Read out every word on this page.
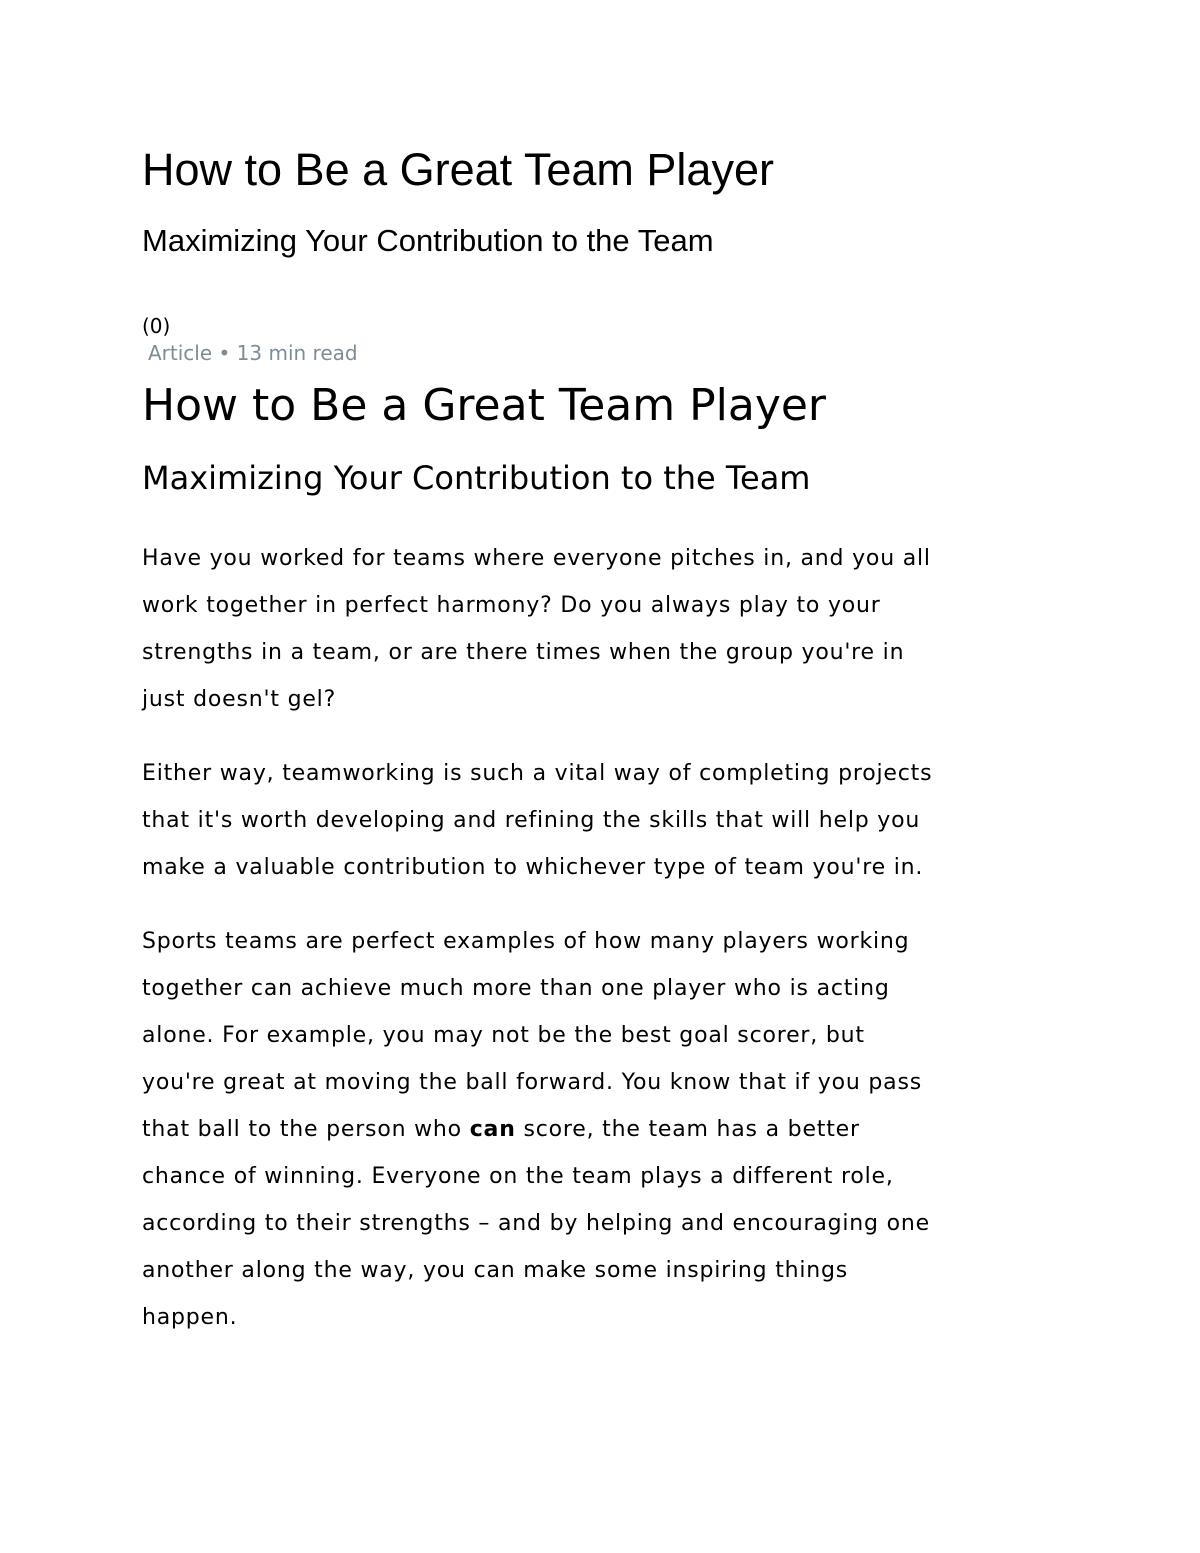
How to Be a Great Team Player
Maximizing Your Contribution to the Team
(0)
Article • 13 min read
How to Be a Great Team Player
Maximizing Your Contribution to the Team

Have you worked for teams where everyone pitches in, and you all
work together in perfect harmony? Do you always play to your
strengths in a team, or are there times when the group you're in
just doesn't gel?

Either way, teamworking is such a vital way of completing projects
that it's worth developing and refining the skills that will help you
make a valuable contribution to whichever type of team you're in.

Sports teams are perfect examples of how many players working
together can achieve much more than one player who is acting
alone. For example, you may not be the best goal scorer, but
you're great at moving the ball forward. You know that if you pass
that ball to the person who can score, the team has a better
chance of winning. Everyone on the team plays a different role,
according to their strengths – and by helping and encouraging one
another along the way, you can make some inspiring things
happen.
